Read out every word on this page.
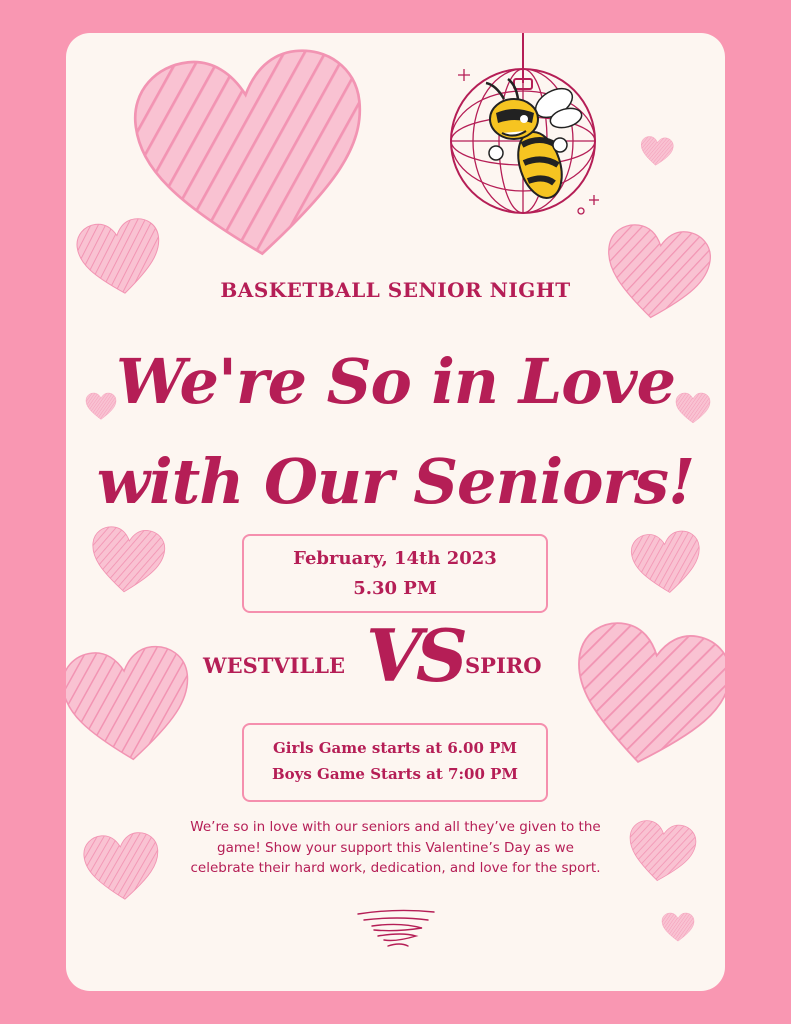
BASKETBALL SENIOR NIGHT
We're So in Love
with Our Seniors!
February, 14th 2023
5.30 PM
WESTVILLE VS SPIRO
Girls Game starts at 6.00 PM
Boys Game Starts at 7:00 PM
We’re so in love with our seniors and all they’ve given to the game! Show your support this Valentine’s Day as we celebrate their hard work, dedication, and love for the sport.
